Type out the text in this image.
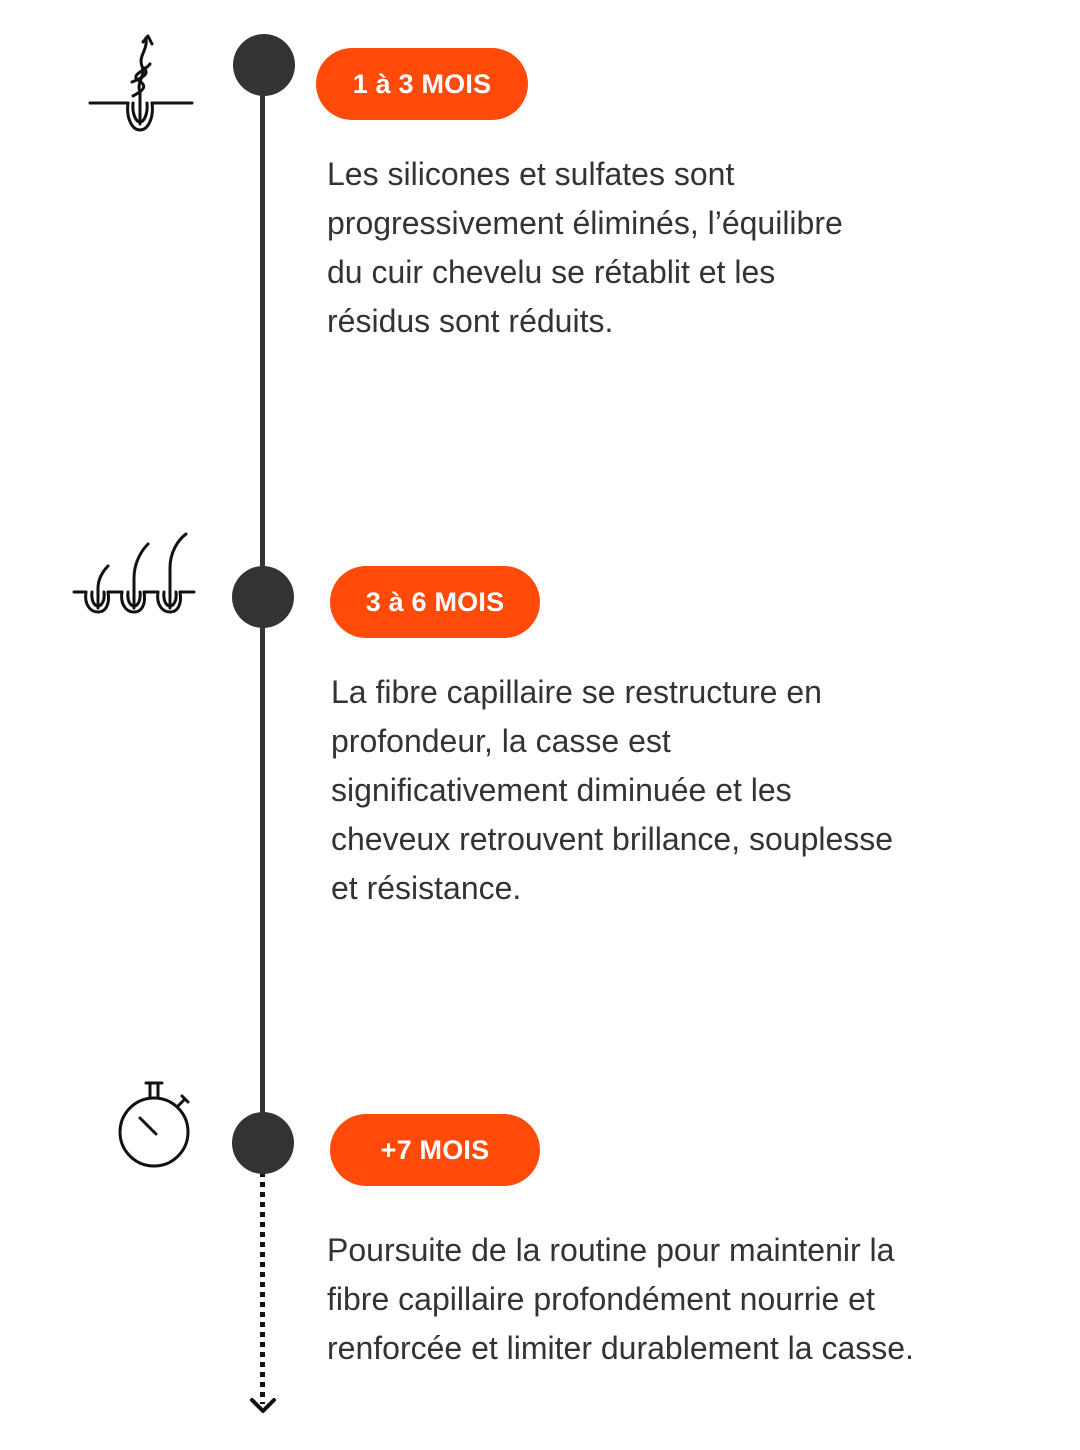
1 à 3 MOIS

Les silicones et sulfates sont
progressivement éliminés, l’équilibre
du cuir chevelu se rétablit et les
résidus sont réduits.

3 à 6 MOIS

La fibre capillaire se restructure en
profondeur, la casse est
significativement diminuée et les
cheveux retrouvent brillance, souplesse
et résistance.

+7 MOIS

Poursuite de la routine pour maintenir la
fibre capillaire profondément nourrie et
renforcée et limiter durablement la casse.
